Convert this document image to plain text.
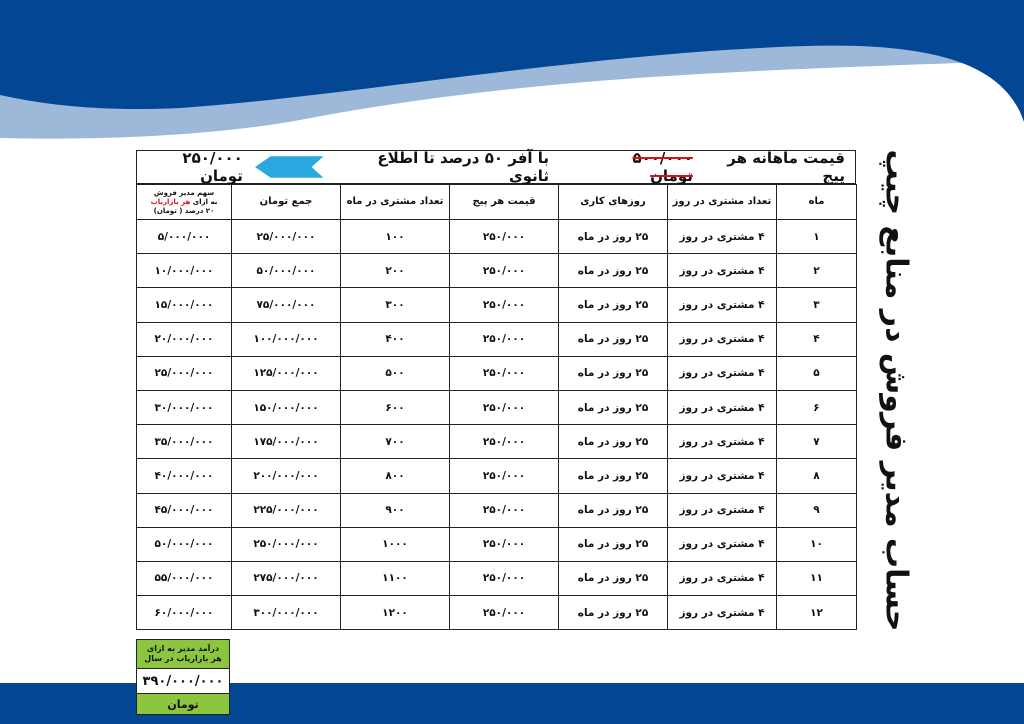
حساب مدیر فروش در منابع چیپ
قیمت ماهانه هر پیج
۵۰۰/۰۰۰ تومان
با آفر ۵۰ درصد تا اطلاع ثانوی
۲۵۰/۰۰۰ تومان
ماه	تعداد مشتری در روز	روزهای کاری	قیمت هر پیج	تعداد مشتری در ماه	جمع تومان	سهم مدیر فروش
به ازای هر بازاریاب
۲۰ درصد ( تومان)

۱	۴ مشتری در روز	۲۵ روز در ماه	۲۵۰/۰۰۰	۱۰۰	۲۵/۰۰۰/۰۰۰	۵/۰۰۰/۰۰۰
۲	۴ مشتری در روز	۲۵ روز در ماه	۲۵۰/۰۰۰	۲۰۰	۵۰/۰۰۰/۰۰۰	۱۰/۰۰۰/۰۰۰
۳	۴ مشتری در روز	۲۵ روز در ماه	۲۵۰/۰۰۰	۳۰۰	۷۵/۰۰۰/۰۰۰	۱۵/۰۰۰/۰۰۰
۴	۴ مشتری در روز	۲۵ روز در ماه	۲۵۰/۰۰۰	۴۰۰	۱۰۰/۰۰۰/۰۰۰	۲۰/۰۰۰/۰۰۰
۵	۴ مشتری در روز	۲۵ روز در ماه	۲۵۰/۰۰۰	۵۰۰	۱۲۵/۰۰۰/۰۰۰	۲۵/۰۰۰/۰۰۰
۶	۴ مشتری در روز	۲۵ روز در ماه	۲۵۰/۰۰۰	۶۰۰	۱۵۰/۰۰۰/۰۰۰	۳۰/۰۰۰/۰۰۰
۷	۴ مشتری در روز	۲۵ روز در ماه	۲۵۰/۰۰۰	۷۰۰	۱۷۵/۰۰۰/۰۰۰	۳۵/۰۰۰/۰۰۰
۸	۴ مشتری در روز	۲۵ روز در ماه	۲۵۰/۰۰۰	۸۰۰	۲۰۰/۰۰۰/۰۰۰	۴۰/۰۰۰/۰۰۰
۹	۴ مشتری در روز	۲۵ روز در ماه	۲۵۰/۰۰۰	۹۰۰	۲۲۵/۰۰۰/۰۰۰	۴۵/۰۰۰/۰۰۰
۱۰	۴ مشتری در روز	۲۵ روز در ماه	۲۵۰/۰۰۰	۱۰۰۰	۲۵۰/۰۰۰/۰۰۰	۵۰/۰۰۰/۰۰۰
۱۱	۴ مشتری در روز	۲۵ روز در ماه	۲۵۰/۰۰۰	۱۱۰۰	۲۷۵/۰۰۰/۰۰۰	۵۵/۰۰۰/۰۰۰
۱۲	۴ مشتری در روز	۲۵ روز در ماه	۲۵۰/۰۰۰	۱۲۰۰	۳۰۰/۰۰۰/۰۰۰	۶۰/۰۰۰/۰۰۰
درآمد مدیر به ازای هر بازاریاب در سال
۳۹۰/۰۰۰/۰۰۰
تومان
